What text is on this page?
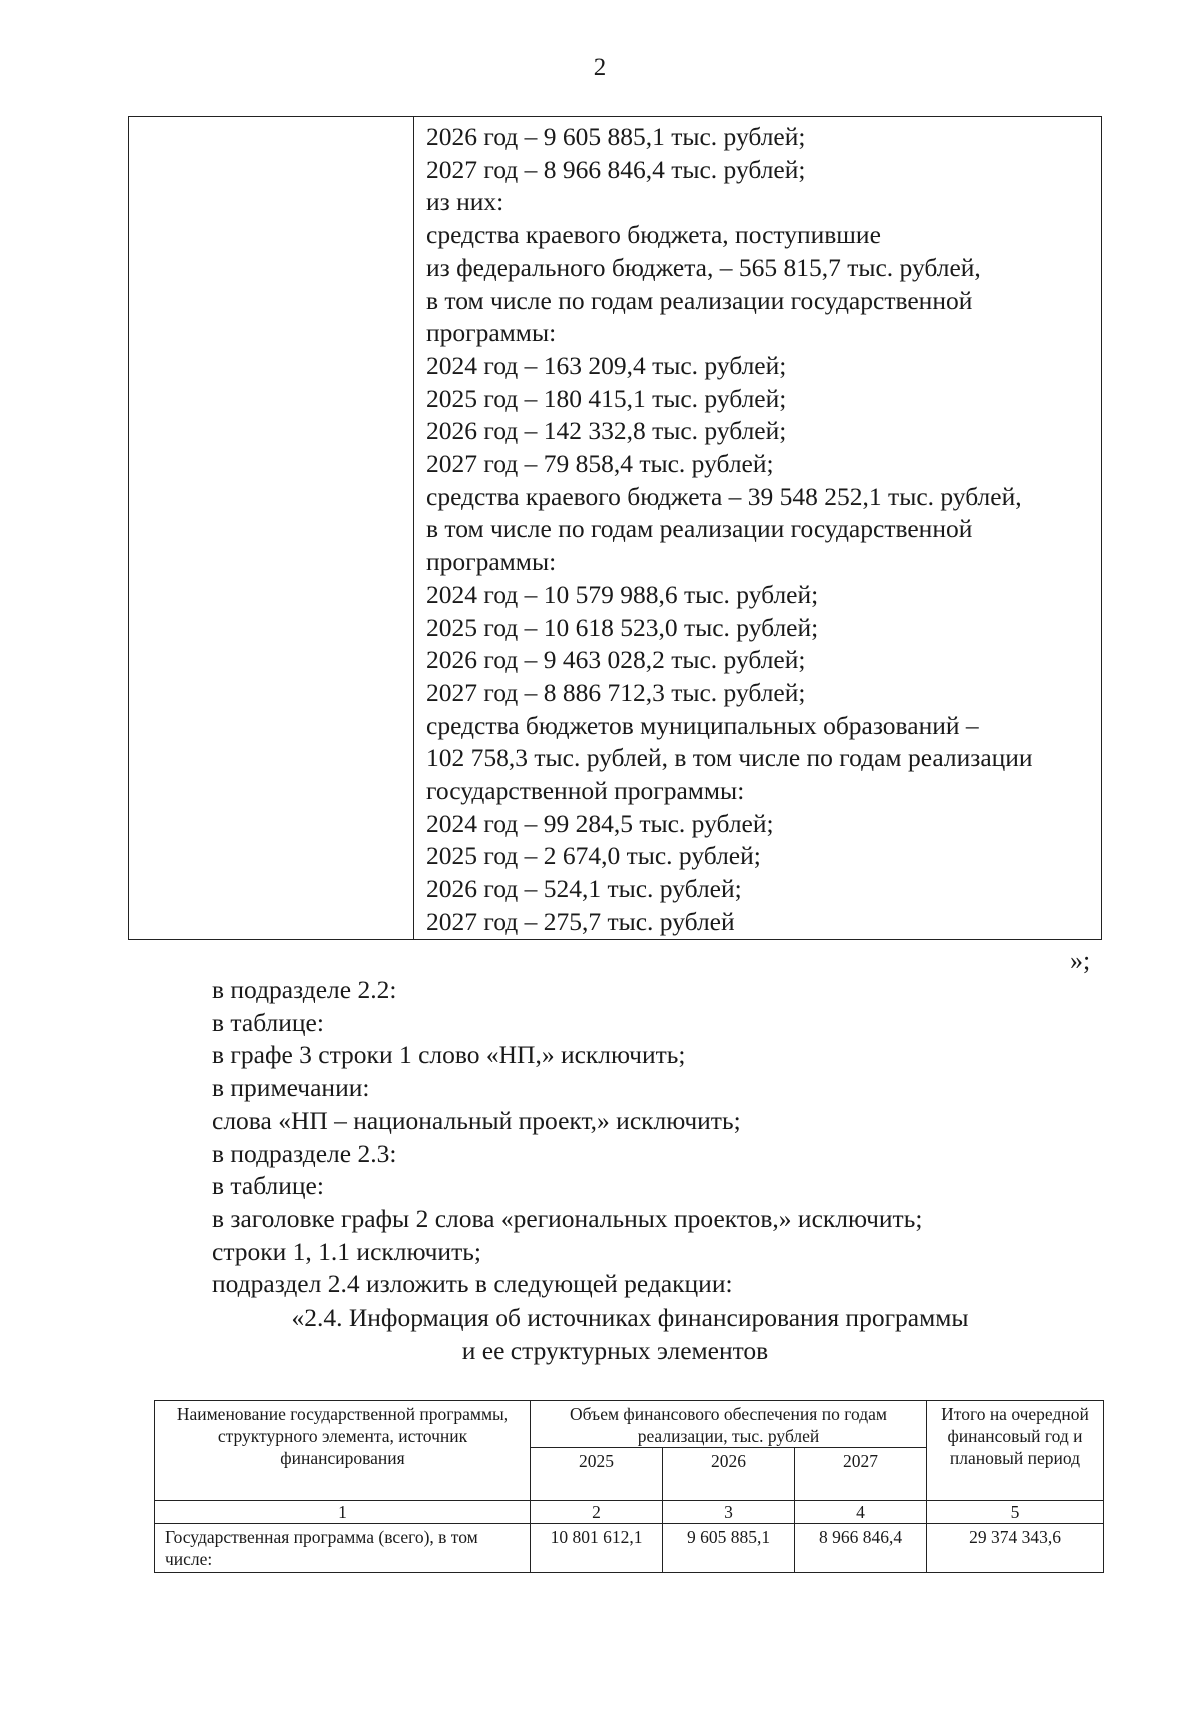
2

2026 год – 9 605 885,1 тыс. рублей;
2027 год – 8 966 846,4 тыс. рублей;
из них:
средства краевого бюджета, поступившие
из федерального бюджета, – 565 815,7 тыс. рублей,
в том числе по годам реализации государственной
программы:
2024 год – 163 209,4 тыс. рублей;
2025 год – 180 415,1 тыс. рублей;
2026 год – 142 332,8 тыс. рублей;
2027 год – 79 858,4 тыс. рублей;
средства краевого бюджета – 39 548 252,1 тыс. рублей,
в том числе по годам реализации государственной
программы:
2024 год – 10 579 988,6 тыс. рублей;
2025 год – 10 618 523,0 тыс. рублей;
2026 год – 9 463 028,2 тыс. рублей;
2027 год – 8 886 712,3 тыс. рублей;
средства бюджетов муниципальных образований –
102 758,3 тыс. рублей, в том числе по годам реализации
государственной программы:
2024 год – 99 284,5 тыс. рублей;
2025 год – 2 674,0 тыс. рублей;
2026 год – 524,1 тыс. рублей;
2027 год – 275,7 тыс. рублей
»;
в подразделе 2.2:
в таблице:
в графе 3 строки 1 слово «НП,» исключить;
в примечании:
слова «НП – национальный проект,» исключить;
в подразделе 2.3:
в таблице:
в заголовке графы 2 слова «региональных проектов,» исключить;
строки 1, 1.1 исключить;
подраздел 2.4 изложить в следующей редакции:
«2.4. Информация об источниках финансирования программы
и ее структурных элементов
Наименование государственной программы, структурного элемента, источник финансирования	Объем финансового обеспечения по годам реализации, тыс. рублей			Итого на очередной финансовый год и плановый период
	2025	2026	2027	
1	2	3	4	5
Государственная программа (всего), в том числе:	10 801 612,1	9 605 885,1	8 966 846,4	29 374 343,6
